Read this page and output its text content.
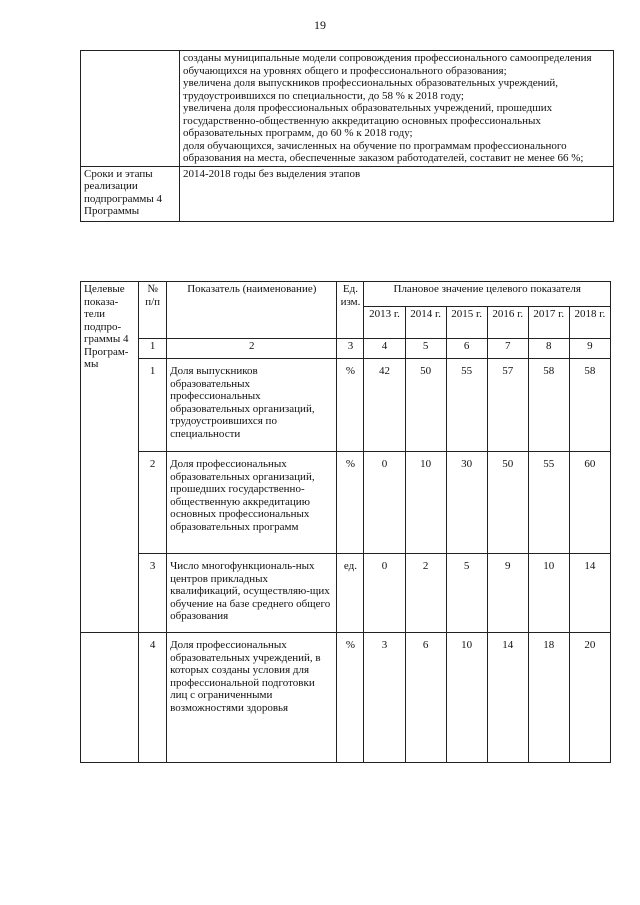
19

	созданы муниципальные модели сопровождения профессионального самоопределения обучающихся на уровнях общего и профессионального образования;
увеличена доля выпускников профессиональных образовательных учреждений, трудоустроившихся по специальности, до 58 % к 2018 году;
увеличена доля профессиональных образовательных учреждений, прошедших государственно-общественную аккредитацию основных профессиональных образовательных программ, до 60 % к 2018 году;
доля обучающихся, зачисленных на обучение по программам профессионального образования на места, обеспеченные заказом работодателей, составит не менее 66 %;

Сроки и этапы реализации подпрограммы 4 Программы	2014-2018 годы без выделения этапов
Целевые показа-тели подпро-граммы 4 Програм-мы	№ п/п	Показатель (наименование)	Ед. изм.	Плановое значение целевого показателя					
				2013 г.	2014 г.	2015 г.	2016 г.	2017 г.	2018 г.
	1	2	3	4	5	6	7	8	9
	1	Доля выпускников образовательных профессиональных образовательных организаций, трудоустроившихся по специальности	%	42	50	55	57	58	58
	2	Доля профессиональных образовательных организаций, прошедших государственно-общественную аккредитацию основных профессиональных образовательных программ	%	0	10	30	50	55	60
	3	Число многофункциональ-ных центров прикладных квалификаций, осуществляю-щих обучение на базе среднего общего образования	ед.	0	2	5	9	10	14
	4	Доля профессиональных образовательных учреждений, в которых созданы условия для профессиональной подготовки лиц с ограниченными возможностями здоровья	%	3	6	10	14	18	20
